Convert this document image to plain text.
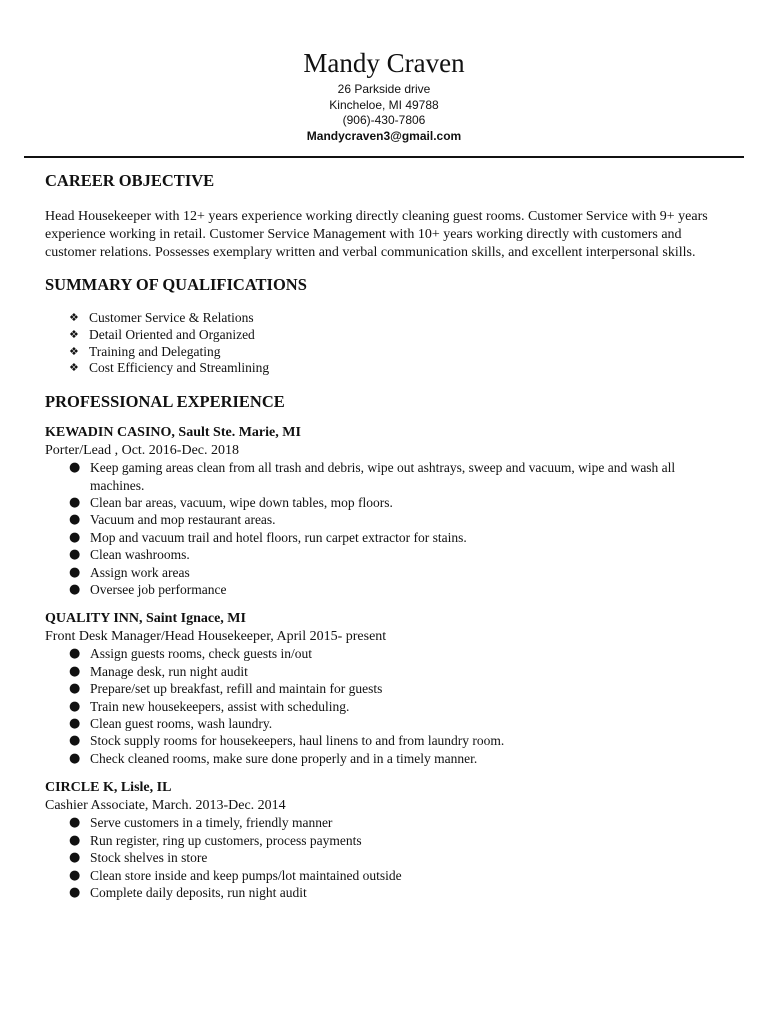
Mandy Craven
26 Parkside drive
Kincheloe, MI 49788
(906)-430-7806
Mandycraven3@gmail.com
CAREER OBJECTIVE

Head Housekeeper with 12+ years experience working directly cleaning guest rooms. Customer Service with 9+ years experience working in retail. Customer Service Management with 10+ years working directly with customers and customer relations. Possesses exemplary written and verbal communication skills, and excellent interpersonal skills.

SUMMARY OF QUALIFICATIONS
❖ Customer Service & Relations
❖ Detail Oriented and Organized
❖ Training and Delegating
❖ Cost Efficiency and Streamlining
PROFESSIONAL EXPERIENCE

KEWADIN CASINO, Sault Ste. Marie, MI

Porter/Lead , Oct. 2016-Dec. 2018

● Keep gaming areas clean from all trash and debris, wipe out ashtrays, sweep and vacuum, wipe and wash all machines.
● Clean bar areas, vacuum, wipe down tables, mop floors.
● Vacuum and mop restaurant areas.
● Mop and vacuum trail and hotel floors, run carpet extractor for stains.
● Clean washrooms.
● Assign work areas
● Oversee job performance

QUALITY INN, Saint Ignace, MI

Front Desk Manager/Head Housekeeper, April 2015- present

● Assign guests rooms, check guests in/out
● Manage desk, run night audit
● Prepare/set up breakfast, refill and maintain for guests
● Train new housekeepers, assist with scheduling.
● Clean guest rooms, wash laundry.
● Stock supply rooms for housekeepers, haul linens to and from laundry room.
● Check cleaned rooms, make sure done properly and in a timely manner.

CIRCLE K, Lisle, IL

Cashier Associate, March. 2013-Dec. 2014

● Serve customers in a timely, friendly manner
● Run register, ring up customers, process payments
● Stock shelves in store
● Clean store inside and keep pumps/lot maintained outside
● Complete daily deposits, run night audit
